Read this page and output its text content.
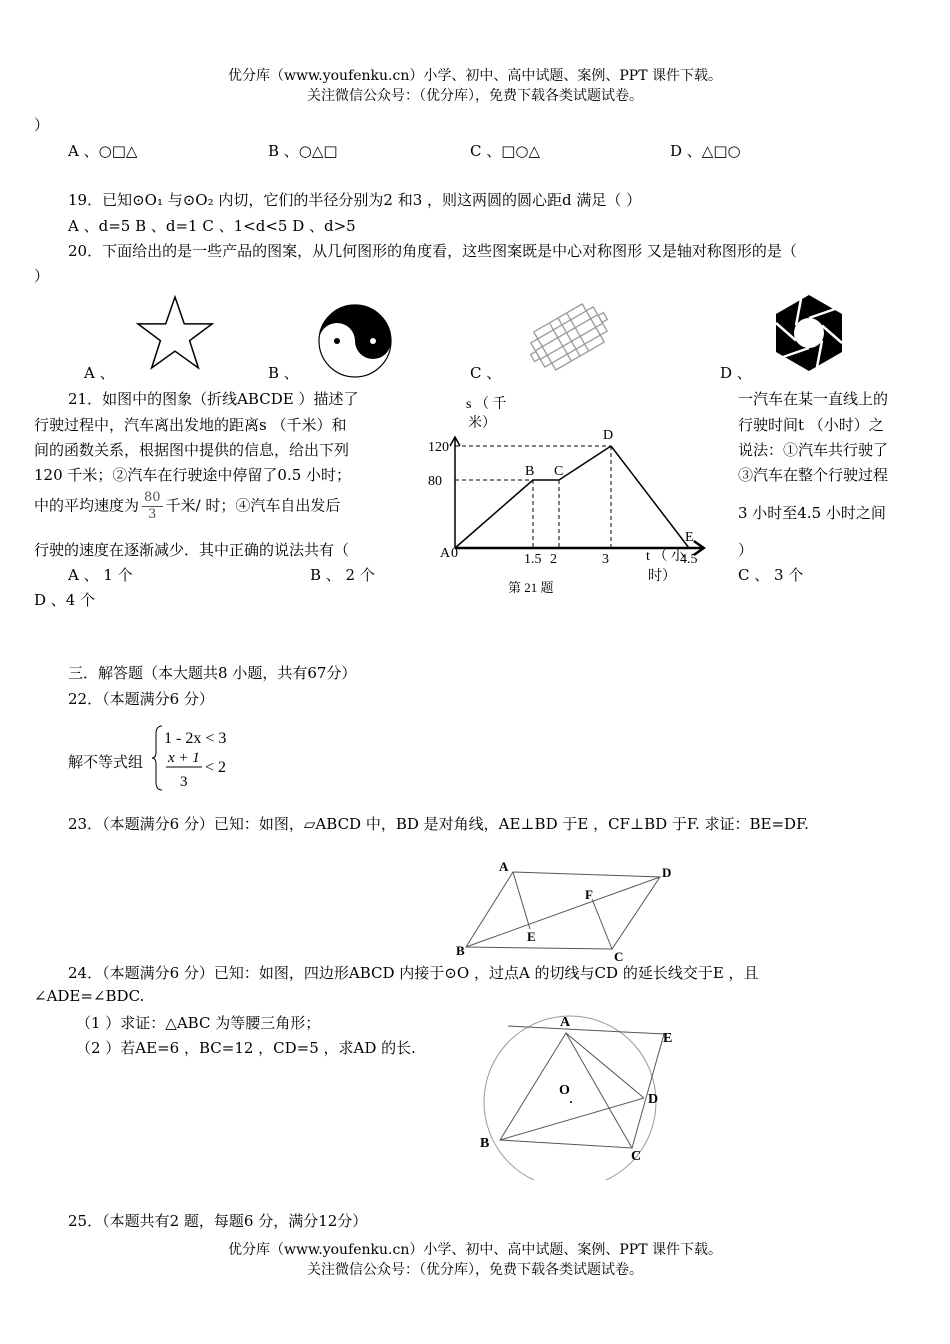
优分库（www.youfenku.cn）小学、初中、高中试题、案例、PPT 课件下载。
关注微信公众号：（优分库），免费下载各类试题试卷。
）
A 、○□△	B 、○△□	C 、□○△	D 、△□○
19．已知⊙O₁ 与⊙O₂ 内切，它们的半径分别为2 和3 ，则这两圆的圆心距d 满足（ ）
A 、d=5 B 、d=1 C 、1<d<5 D 、d>5
20．下面给出的是一些产品的图案，从几何图形的角度看，这些图案既是中心对称图形 又是轴对称图形的是（
）
A 、	B 、	C 、	D 、
21．如图中的图象（折线ABCDE ）描述了
行驶过程中，汽车离出发地的距离s （千米）和
间的函数关系，根据图中提供的信息，给出下列
120 千米；②汽车在行驶途中停留了0.5 小时；
中的平均速度为 $\frac{80}{3}$ 千米/ 时；④汽车自出发后
行驶的速度在逐渐减少．其中正确的说法共有（
A 、 1 个	B 、 2 个
D 、4 个
一汽车在某一直线上的
行驶时间t （小时）之
说法：①汽车共行驶了
③汽车在整个行驶过程
3 小时至4.5 小时之间
）
C 、 3 个
1.5 2	3	4.5
80
120
A 0
B C
D
E
s （ 千
米）
t （ 小
时）
第 21 题
三．解答题（本大题共8 小题，共有67分）
22．（本题满分6 分）
解不等式组
1 - 2x < 3
x + 1
3
< 2
23．（本题满分6 分）已知：如图，▱ABCD 中，BD 是对角线，AE⊥BD 于E ，CF⊥BD 于F. 求证：BE=DF.
A
B	C
D
E
F
24．（本题满分6 分）已知：如图，四边形ABCD 内接于⊙O ，过点A 的切线与CD 的延长线交于E ，且
∠ADE=∠BDC.
（1 ）求证：△ABC 为等腰三角形；
（2 ）若AE=6 ，BC=12 ，CD=5 ，求AD 的长.
A
E
O
D
B
C
25．（本题共有2 题，每题6 分，满分12分）
优分库（www.youfenku.cn）小学、初中、高中试题、案例、PPT 课件下载。
关注微信公众号：（优分库），免费下载各类试题试卷。
